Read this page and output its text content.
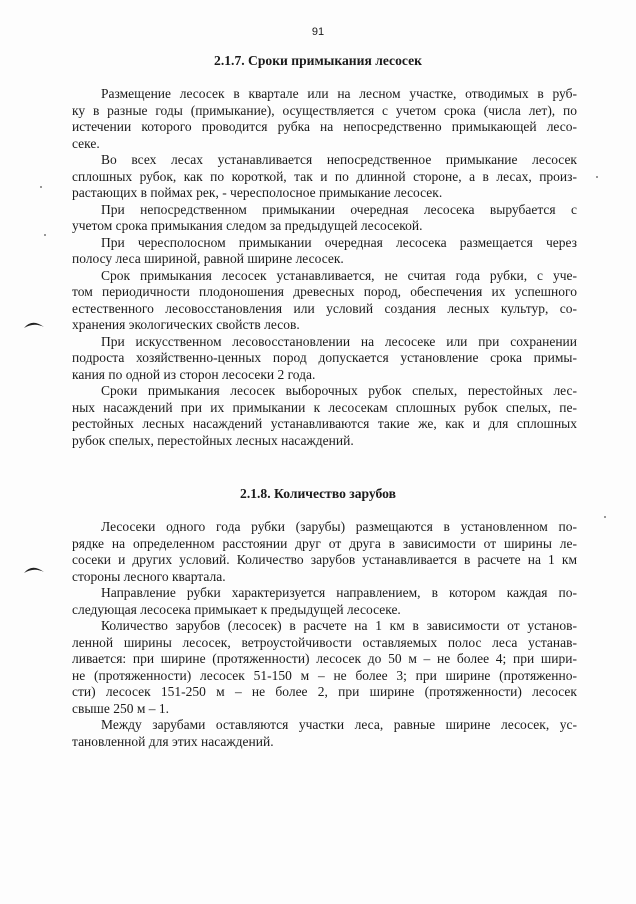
91
2.1.7. Сроки примыкания лесосек
Размещение лесосек в квартале или на лесном участке, отводимых в руб-
ку в разные годы (примыкание), осуществляется с учетом срока (числа лет), по
истечении которого проводится рубка на непосредственно примыкающей лесо-
секе.
Во всех лесах устанавливается непосредственное примыкание лесосек
сплошных рубок, как по короткой, так и по длинной стороне, а в лесах, произ-
растающих в поймах рек, - чересполосное примыкание лесосек.
При непосредственном примыкании очередная лесосека вырубается с
учетом срока примыкания следом за предыдущей лесосекой.
При чересполосном примыкании очередная лесосека размещается через
полосу леса шириной, равной ширине лесосек.
Срок примыкания лесосек устанавливается, не считая года рубки, с уче-
том периодичности плодоношения древесных пород, обеспечения их успешного
естественного лесовосстановления или условий создания лесных культур, со-
хранения экологических свойств лесов.
При искусственном лесовосстановлении на лесосеке или при сохранении
подроста хозяйственно-ценных пород допускается установление срока примы-
кания по одной из сторон лесосеки 2 года.
Сроки примыкания лесосек выборочных рубок спелых, перестойных лес-
ных насаждений при их примыкании к лесосекам сплошных рубок спелых, пе-
рестойных лесных насаждений устанавливаются такие же, как и для сплошных
рубок спелых, перестойных лесных насаждений.
2.1.8. Количество зарубов
Лесосеки одного года рубки (зарубы) размещаются в установленном по-
рядке на определенном расстоянии друг от друга в зависимости от ширины ле-
сосеки и других условий. Количество зарубов устанавливается в расчете на 1 км
стороны лесного квартала.
Направление рубки характеризуется направлением, в котором каждая по-
следующая лесосека примыкает к предыдущей лесосеке.
Количество зарубов (лесосек) в расчете на 1 км в зависимости от установ-
ленной ширины лесосек, ветроустойчивости оставляемых полос леса устанав-
ливается: при ширине (протяженности) лесосек до 50 м – не более 4; при шири-
не (протяженности) лесосек 51-150 м – не более 3; при ширине (протяженно-
сти) лесосек 151-250 м – не более 2, при ширине (протяженности) лесосек
свыше 250 м – 1.
Между зарубами оставляются участки леса, равные ширине лесосек, ус-
тановленной для этих насаждений.
